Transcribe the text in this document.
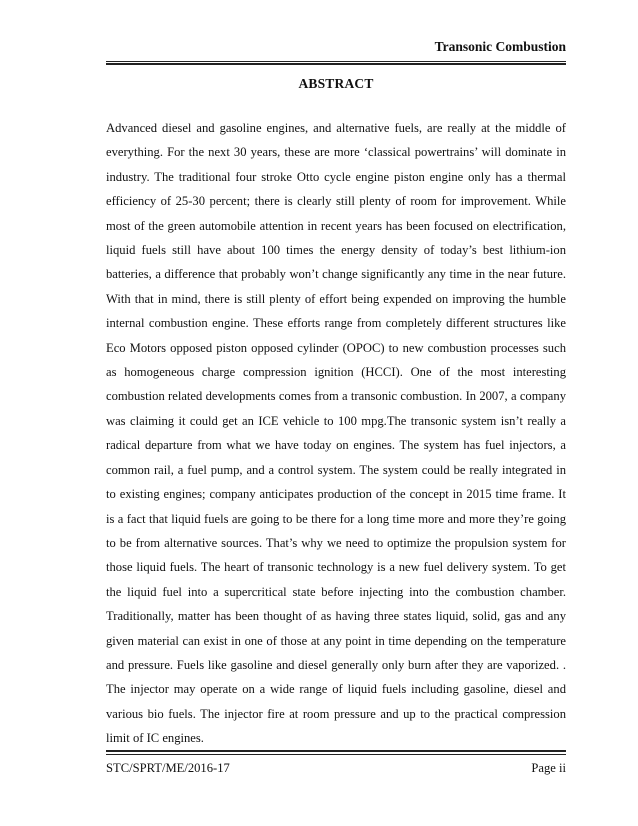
Transonic Combustion
ABSTRACT
Advanced diesel and gasoline engines, and alternative fuels, are really at the middle of everything. For the next 30 years, these are more ‘classical powertrains’ will dominate in industry. The traditional four stroke Otto cycle engine piston engine only has a thermal efficiency of 25-30 percent; there is clearly still plenty of room for improvement. While most of the green automobile attention in recent years has been focused on electrification, liquid fuels still have about 100 times the energy density of today’s best lithium-ion batteries, a difference that probably won’t change significantly any time in the near future. With that in mind, there is still plenty of effort being expended on improving the humble internal combustion engine. These efforts range from completely different structures like Eco Motors opposed piston opposed cylinder (OPOC) to new combustion processes such as homogeneous charge compression ignition (HCCI). One of the most interesting combustion related developments comes from a transonic combustion. In 2007, a company was claiming it could get an ICE vehicle to 100 mpg.The transonic system isn’t really a radical departure from what we have today on engines. The system has fuel injectors, a common rail, a fuel pump, and a control system. The system could be really integrated in to existing engines; company anticipates production of the concept in 2015 time frame. It is a fact that liquid fuels are going to be there for a long time more and more they’re going to be from alternative sources. That’s why we need to optimize the propulsion system for those liquid fuels. The heart of transonic technology is a new fuel delivery system. To get the liquid fuel into a supercritical state before injecting into the combustion chamber. Traditionally, matter has been thought of as having three states liquid, solid, gas and any given material can exist in one of those at any point in time depending on the temperature and pressure. Fuels like gasoline and diesel generally only burn after they are vaporized. . The injector may operate on a wide range of liquid fuels including gasoline, diesel and various bio fuels. The injector fire at room pressure and up to the practical compression limit of IC engines.
STC/SPRT/ME/2016-17	Page ii
